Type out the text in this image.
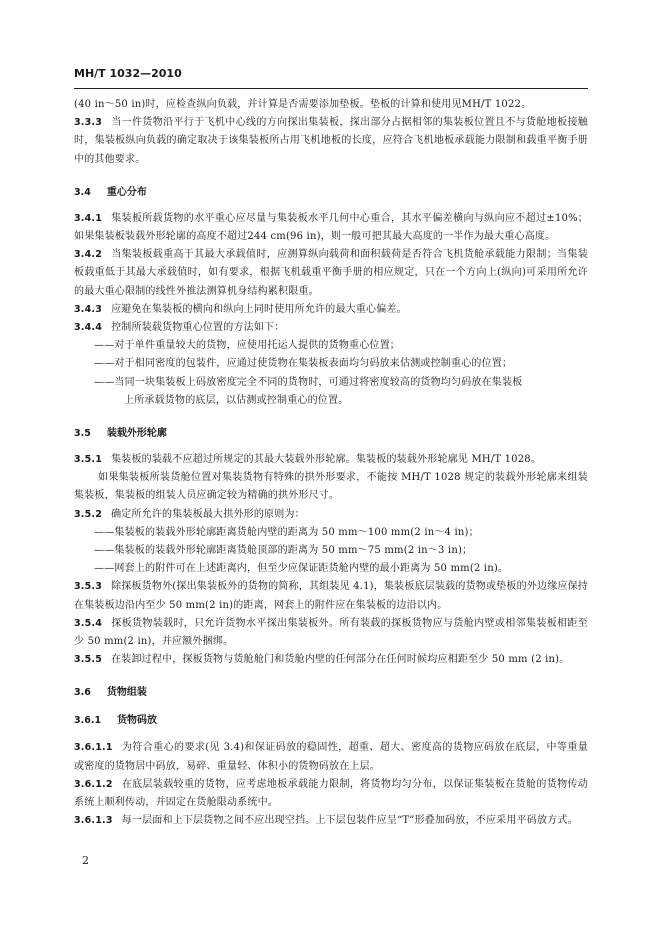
MH/T 1032—2010

(40 in～50 in)时，应检查纵向负载，并计算是否需要添加垫板。垫板的计算和使用见MH/T 1022。

3.3.3 当一件货物沿平行于飞机中心线的方向探出集装板，探出部分占据相邻的集装板位置且不与货舱地板接触时，集装板纵向负载的确定取决于该集装板所占用飞机地板的长度，应符合飞机地板承载能力限制和载重平衡手册中的其他要求。

3.4 重心分布

3.4.1 集装板所载货物的水平重心应尽量与集装板水平几何中心重合，其水平偏差横向与纵向应不超过±10%；如果集装板装载外形轮廓的高度不超过244 cm(96 in)，则一般可把其最大高度的一半作为最大重心高度。

3.4.2 当集装板载重高于其最大承载值时，应测算纵向载荷和面积载荷是否符合飞机货舱承载能力限制；当集装板载重低于其最大承载值时，如有要求，根据飞机载重平衡手册的相应规定，只在一个方向上(纵向)可采用所允许的最大重心限制的线性外推法测算机身结构累积限重。

3.4.3 应避免在集装板的横向和纵向上同时使用所允许的最大重心偏差。

3.4.4 控制所装载货物重心位置的方法如下：

——对于单件重量较大的货物，应使用托运人提供的货物重心位置；

——对于相同密度的包装件，应通过使货物在集装板表面均匀码放来估测或控制重心的位置；

——当同一块集装板上码放密度完全不同的货物时，可通过将密度较高的货物均匀码放在集装板

上所承载货物的底层，以估测或控制重心的位置。

3.5 装载外形轮廓

3.5.1 集装板的装载不应超过所规定的其最大装载外形轮廓。集装板的装载外形轮廓见 MH/T 1028。

如果集装板所装货舱位置对集装货物有特殊的拱外形要求，不能按 MH/T 1028 规定的装载外形轮廓来组装集装板，集装板的组装人员应确定较为精确的拱外形尺寸。

3.5.2 确定所允许的集装板最大拱外形的原则为：

——集装板的装载外形轮廓距离货舱内壁的距离为 50 mm～100 mm(2 in～4 in)；

——集装板的装载外形轮廓距离货舱顶部的距离为 50 mm～75 mm(2 in～3 in)；

——网套上的附件可在上述距离内，但至少应保证距货舱内壁的最小距离为 50 mm(2 in)。

3.5.3 除探板货物外(探出集装板外的货物的简称，其组装见 4.1)，集装板底层装载的货物或垫板的外边缘应保持在集装板边沿内至少 50 mm(2 in)的距离，网套上的附件应在集装板的边沿以内。

3.5.4 探板货物装载时，只允许货物水平探出集装板外。所有装载的探板货物应与货舱内壁或相邻集装板相距至少 50 mm(2 in)，并应额外捆绑。

3.5.5 在装卸过程中，探板货物与货舱舱门和货舱内壁的任何部分在任何时候均应相距至少 50 mm (2 in)。

3.6 货物组装
3.6.1 货物码放

3.6.1.1 为符合重心的要求(见 3.4)和保证码放的稳固性，超重、超大、密度高的货物应码放在底层，中等重量或密度的货物居中码放，易碎、重量轻、体积小的货物码放在上层。

3.6.1.2 在底层装载较重的货物，应考虑地板承载能力限制，将货物均匀分布，以保证集装板在货舱的货物传动系统上顺利传动，并固定在货舱限动系统中。

3.6.1.3 每一层面和上下层货物之间不应出现空挡。上下层包装件应呈“T”形叠加码放，不应采用平码放方式。

2
